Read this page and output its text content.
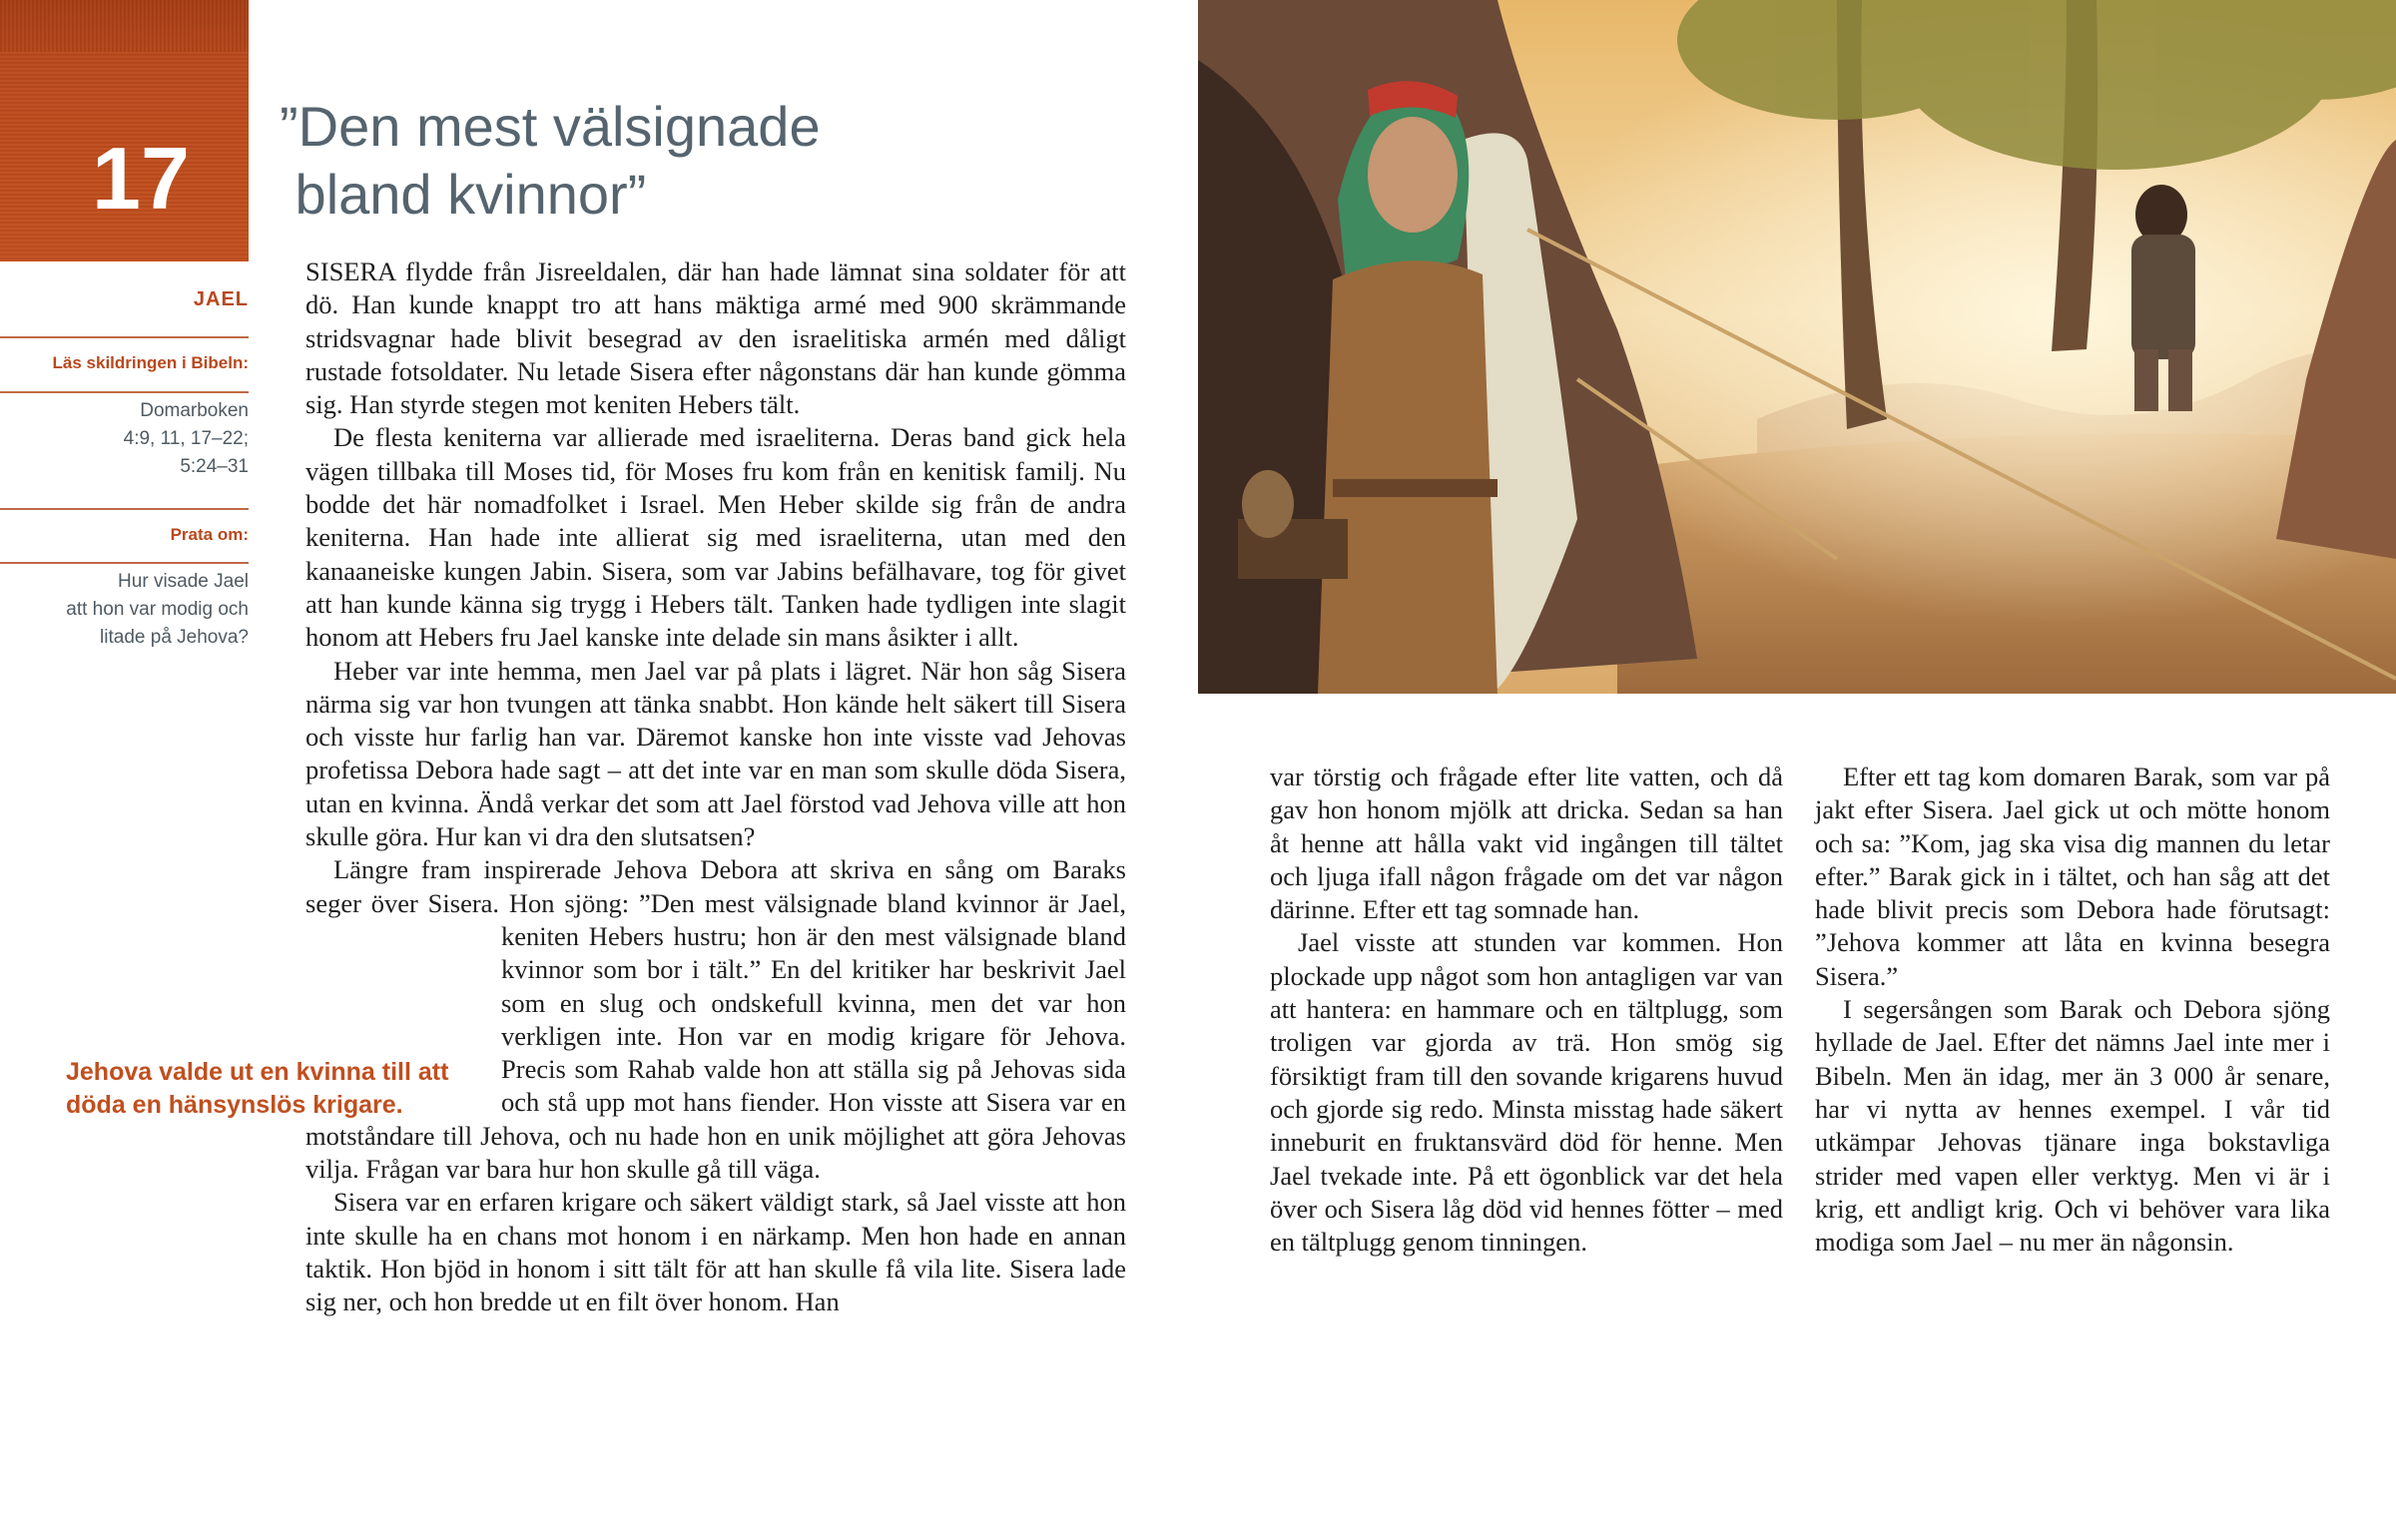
17
JAEL
Läs skildringen i Bibeln:
Domarboken
4:9, 11, 17–22;
5:24–31
Prata om:
Hur visade Jael
att hon var modig och
litade på Jehova?
”Den mest välsignade
bland kvinnor”

SISERA flydde från Jisreeldalen, där han hade lämnat sina soldater för att dö. Han kunde knappt tro att hans mäktiga armé med 900 skrämmande stridsvagnar hade blivit besegrad av den israelitiska armén med dåligt rustade fotsoldater. Nu letade Sisera efter någonstans där han kunde gömma sig. Han styrde stegen mot keniten Hebers tält.

De flesta keniterna var allierade med israeliterna. Deras band gick hela vägen tillbaka till Moses tid, för Moses fru kom från en kenitisk familj. Nu bodde det här nomadfolket i Israel. Men Heber skilde sig från de andra keniterna. Han hade inte allierat sig med israeliterna, utan med den kanaaneiske kungen Jabin. Sisera, som var Jabins befälhavare, tog för givet att han kunde känna sig trygg i Hebers tält. Tanken hade tydligen inte slagit honom att Hebers fru Jael kanske inte delade sin mans åsikter i allt.

Heber var inte hemma, men Jael var på plats i lägret. När hon såg Sisera närma sig var hon tvungen att tänka snabbt. Hon kände helt säkert till Sisera och visste hur farlig han var. Däremot kanske hon inte visste vad Jehovas profetissa Debora hade sagt – att det inte var en man som skulle döda Sisera, utan en kvinna. Ändå verkar det som att Jael förstod vad Jehova ville att hon skulle göra. Hur kan vi dra den slutsatsen?

Längre fram inspirerade Jehova Debora att skriva en sång om Baraks seger över Sisera. Hon sjöng: ”Den mest välsignade bland kvinnor är
Jael, keniten Hebers hustru; hon är den mest välsignade bland kvinnor som bor i tält.” En del kritiker har beskrivit Jael som en slug och ondskefull kvinna, men det var hon verkligen inte. Hon var en modig krigare för Jehova. Precis som Rahab valde hon att ställa sig på Jehovas sida och stå upp mot hans fiender. Hon visste att Sisera var en motståndare till Jehova, och nu hade hon en unik möjlighet att göra Jehovas vilja. Frågan var bara hur hon skulle gå till väga.

Sisera var en erfaren krigare och säkert väldigt stark, så Jael visste att hon inte skulle ha en chans mot honom i en närkamp. Men hon hade en annan taktik. Hon bjöd in honom i sitt tält för att han skulle få vila lite. Sisera lade sig ner, och hon bredde ut en filt över honom. Han

Jehova valde ut en kvinna till att
döda en hänsynslös krigare.

var törstig och frågade efter lite vatten, och då gav hon honom mjölk att dricka. Sedan sa han åt henne att hålla vakt vid ingången till tältet och ljuga ifall någon frågade om det var någon därinne. Efter ett tag somnade han.

Jael visste att stunden var kommen. Hon plockade upp något som hon antagligen var van att hantera: en hammare och en tältplugg, som troligen var gjorda av trä. Hon smög sig försiktigt fram till den sovande krigarens huvud och gjorde sig redo. Minsta misstag hade säkert inneburit en fruktansvärd död för henne. Men Jael tvekade inte. På ett ögonblick var det hela över och Sisera låg död vid hennes fötter – med en tältplugg genom tinningen.

Efter ett tag kom domaren Barak, som var på jakt efter Sisera. Jael gick ut och mötte honom och sa: ”Kom, jag ska visa dig mannen du letar efter.” Barak gick in i tältet, och han såg att det hade blivit precis som Debora hade förutsagt: ”Jehova kommer att låta en kvinna besegra Sisera.”

I segersången som Barak och Debora sjöng hyllade de Jael. Efter det nämns Jael inte mer i Bibeln. Men än idag, mer än 3 000 år senare, har vi nytta av hennes exempel. I vår tid utkämpar Jehovas tjänare inga bokstavliga strider med vapen eller verktyg. Men vi är i krig, ett andligt krig. Och vi behöver vara lika modiga som Jael – nu mer än någonsin.
